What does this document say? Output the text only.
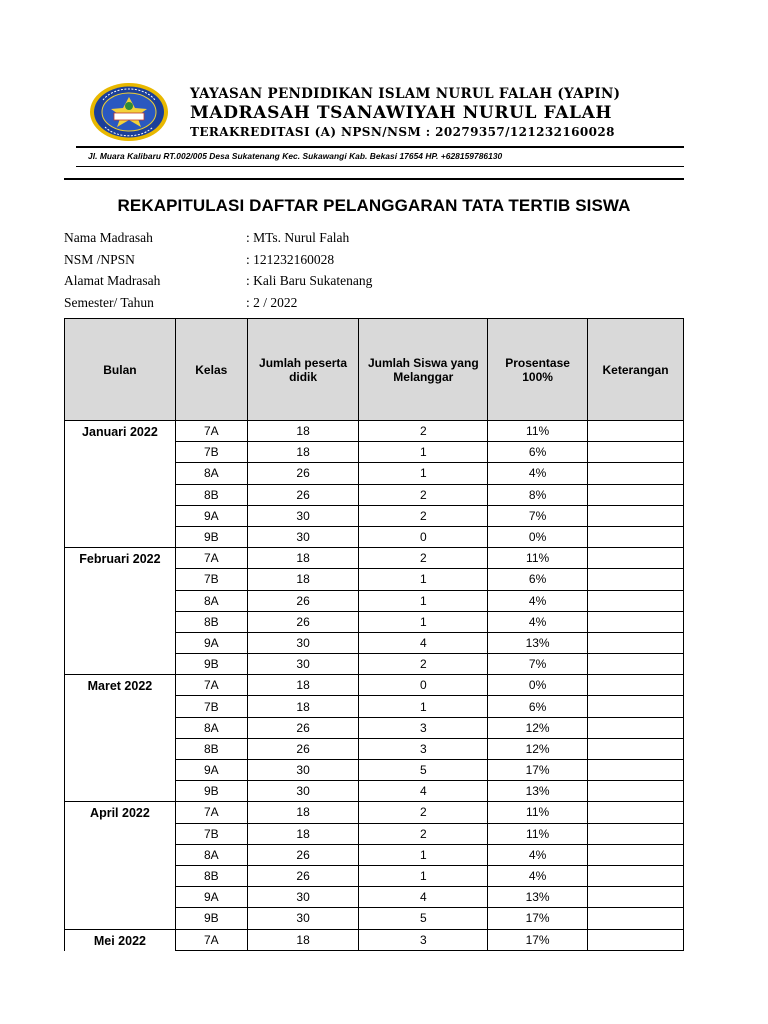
YAYASAN PENDIDIKAN ISLAM NURUL FALAH (YAPIN)
MADRASAH TSANAWIYAH NURUL FALAH
TERAKREDITASI (A) NPSN/NSM : 20279357/121232160028
Jl. Muara Kalibaru RT.002/005 Desa Sukatenang Kec. Sukawangi Kab. Bekasi 17654 HP. +628159786130
REKAPITULASI DAFTAR PELANGGARAN TATA TERTIB SISWA
Nama Madrasah	: MTs. Nurul Falah
NSM /NPSN	: 121232160028
Alamat Madrasah	: Kali Baru Sukatenang
Semester/ Tahun	: 2 / 2022
Bulan	Kelas	Jumlah peserta didik	Jumlah Siswa yang Melanggar	Prosentase 100%	Keterangan
Januari 2022	7A	18	2	11%	
	7B	18	1	6%	
	8A	26	1	4%	
	8B	26	2	8%	
	9A	30	2	7%	
	9B	30	0	0%	
Februari 2022	7A	18	2	11%	
	7B	18	1	6%	
	8A	26	1	4%	
	8B	26	1	4%	
	9A	30	4	13%	
	9B	30	2	7%	
Maret 2022	7A	18	0	0%	
	7B	18	1	6%	
	8A	26	3	12%	
	8B	26	3	12%	
	9A	30	5	17%	
	9B	30	4	13%	
April 2022	7A	18	2	11%	
	7B	18	2	11%	
	8A	26	1	4%	
	8B	26	1	4%	
	9A	30	4	13%	
	9B	30	5	17%	
Mei 2022	7A	18	3	17%	
